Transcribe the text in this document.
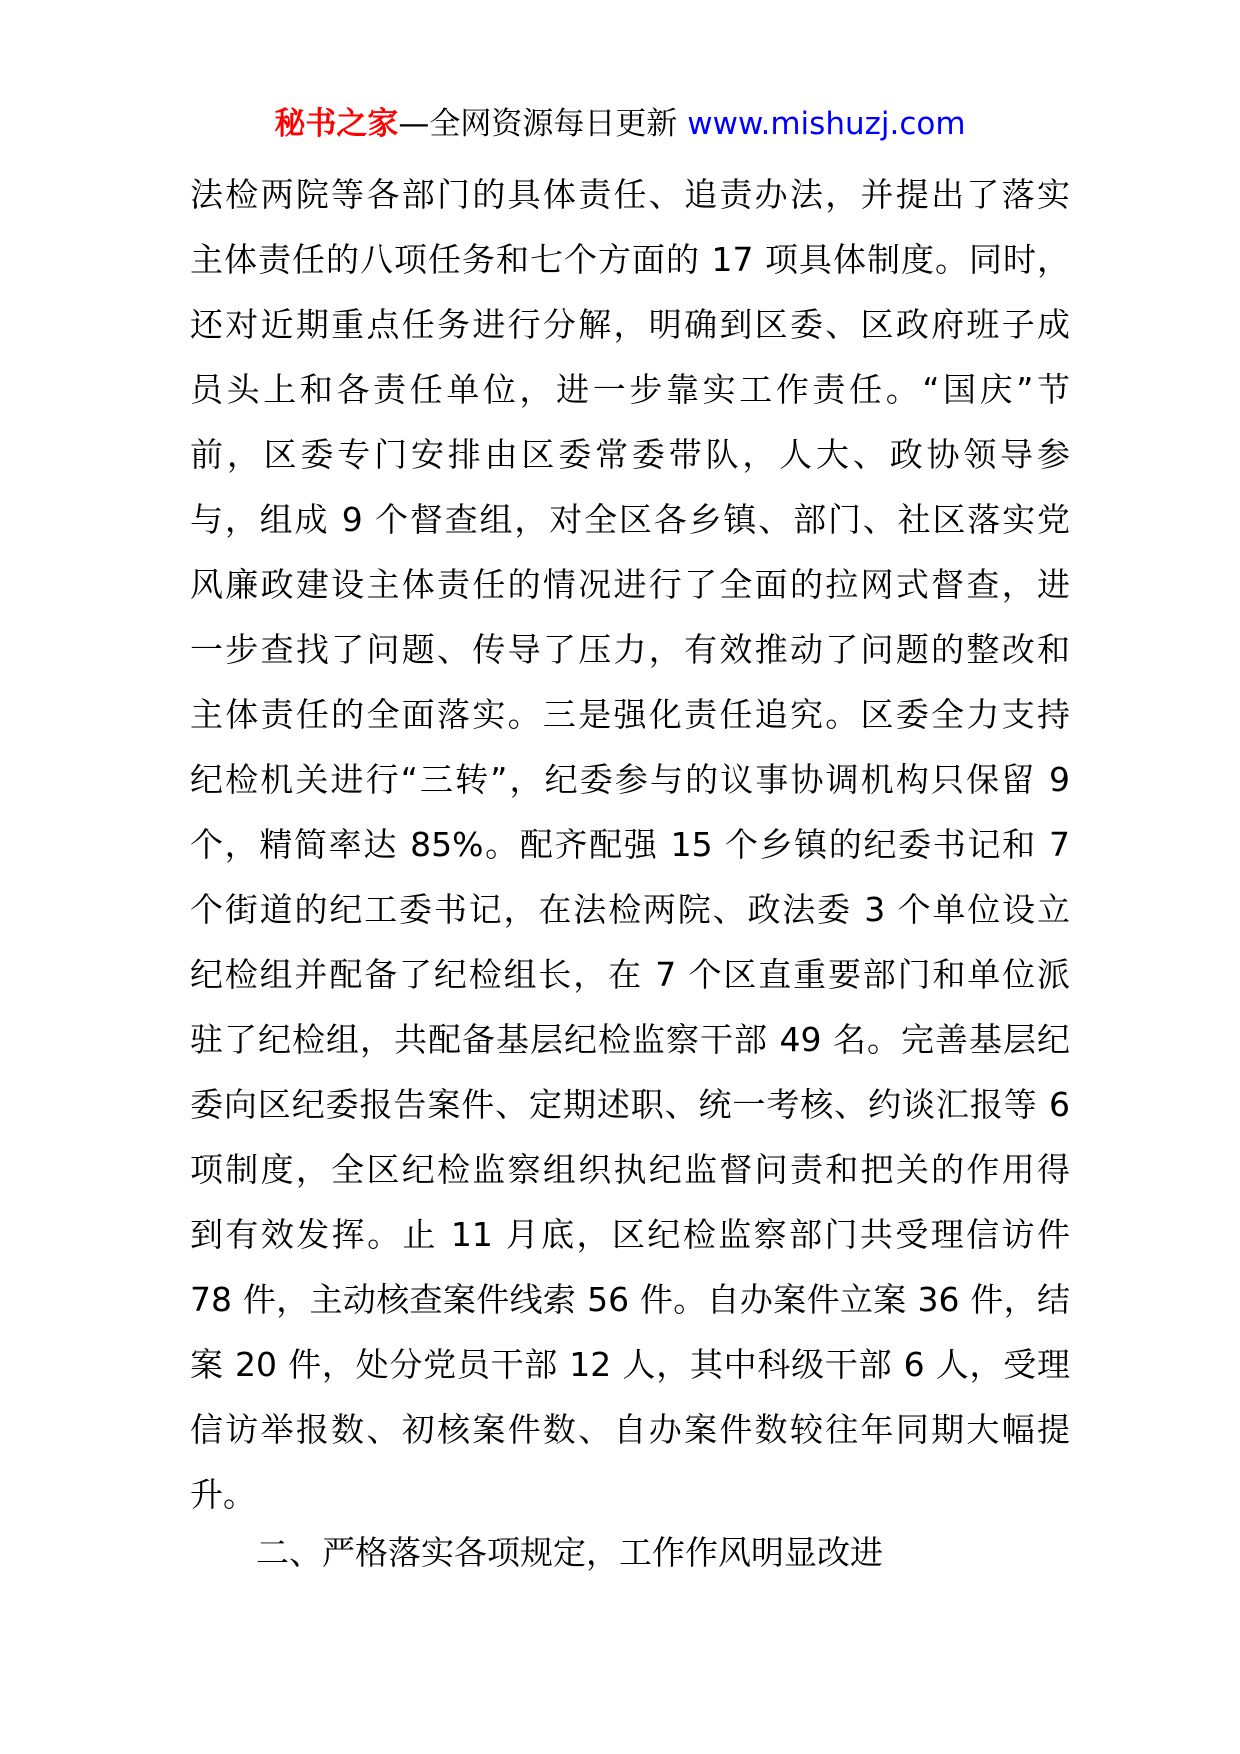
秘书之家—全网资源每日更新 www.mishuzj.com
法检两院等各部门的具体责任、追责办法，并提出了落实
主体责任的八项任务和七个方面的 17 项具体制度。同时，
还对近期重点任务进行分解，明确到区委、区政府班子成
员头上和各责任单位，进一步靠实工作责任。“国庆”节
前，区委专门安排由区委常委带队，人大、政协领导参
与，组成 9 个督查组，对全区各乡镇、部门、社区落实党
风廉政建设主体责任的情况进行了全面的拉网式督查，进
一步查找了问题、传导了压力，有效推动了问题的整改和
主体责任的全面落实。三是强化责任追究。区委全力支持
纪检机关进行“三转”，纪委参与的议事协调机构只保留 9
个，精简率达 85%。配齐配强 15 个乡镇的纪委书记和 7
个街道的纪工委书记，在法检两院、政法委 3 个单位设立
纪检组并配备了纪检组长，在 7 个区直重要部门和单位派
驻了纪检组，共配备基层纪检监察干部 49 名。完善基层纪
委向区纪委报告案件、定期述职、统一考核、约谈汇报等 6
项制度，全区纪检监察组织执纪监督问责和把关的作用得
到有效发挥。止 11 月底，区纪检监察部门共受理信访件
78 件，主动核查案件线索 56 件。自办案件立案 36 件，结
案 20 件，处分党员干部 12 人，其中科级干部 6 人，受理
信访举报数、初核案件数、自办案件数较往年同期大幅提
升。
二、严格落实各项规定，工作作风明显改进
